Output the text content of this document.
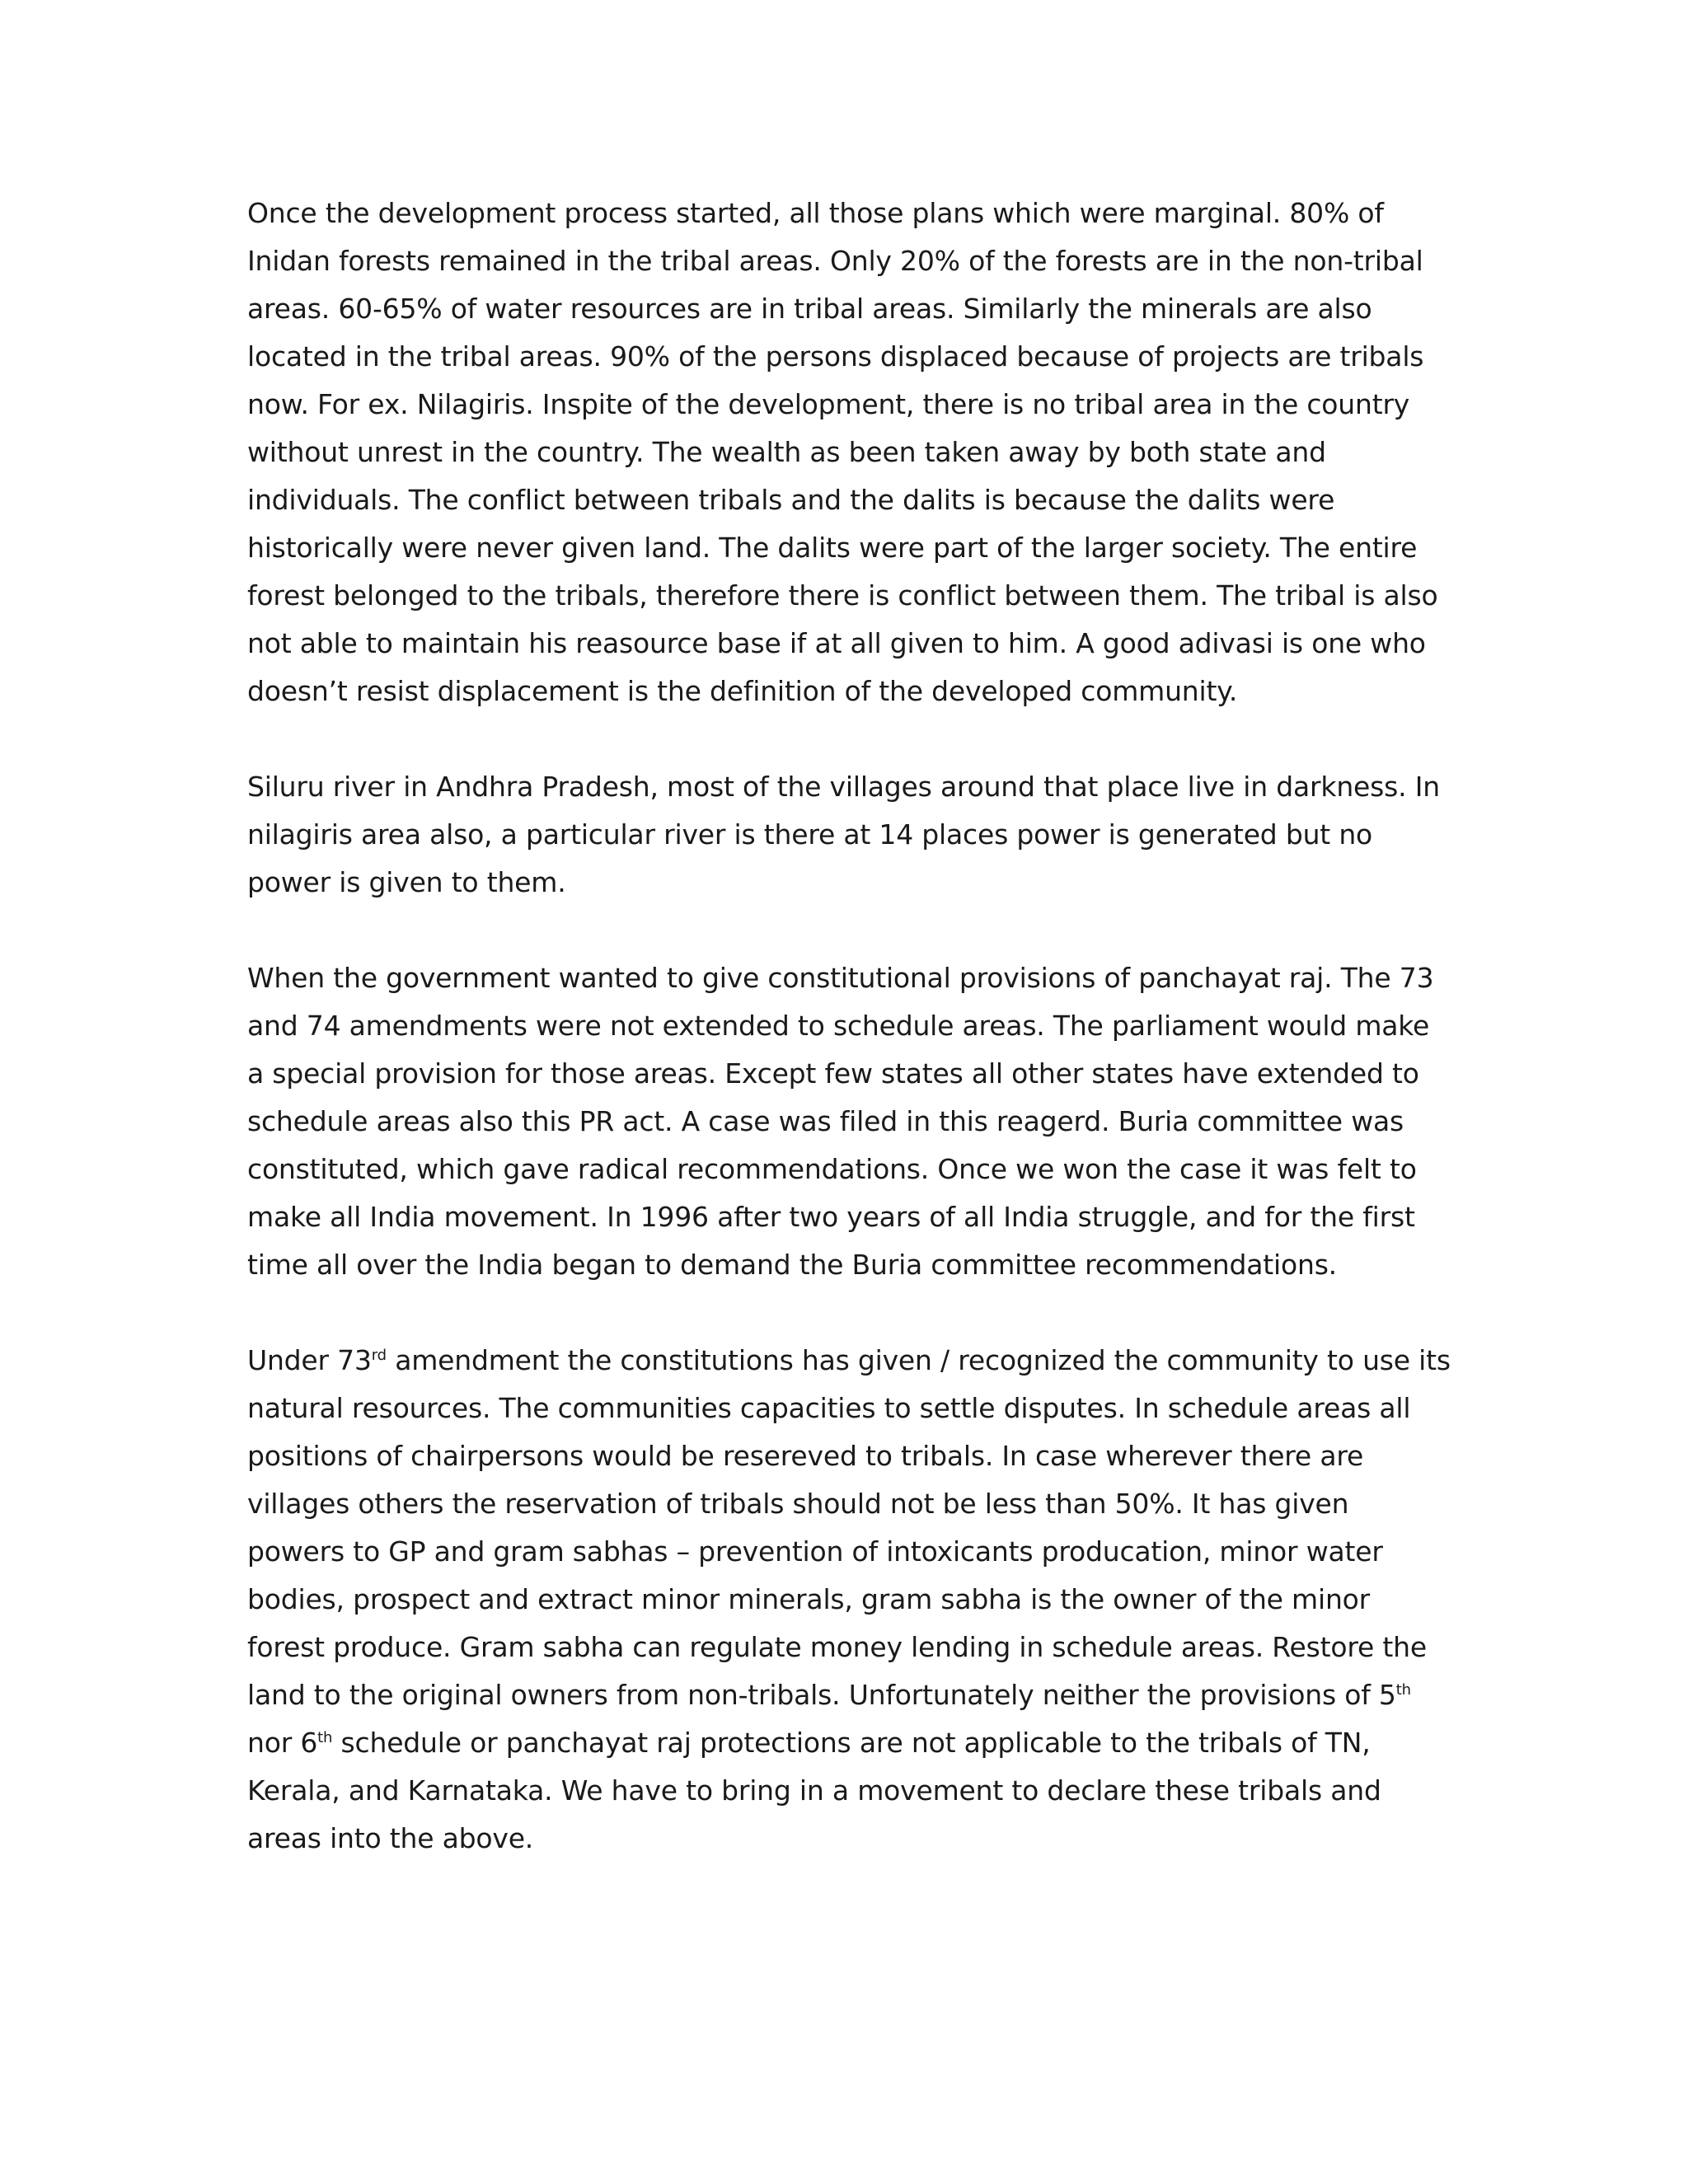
Once the development process started, all those plans which were marginal. 80% of Inidan forests remained in the tribal areas. Only 20% of the forests are in the non-tribal areas. 60-65% of water resources are in tribal areas. Similarly the minerals are also located in the tribal areas. 90% of the persons displaced because of projects are tribals now. For ex. Nilagiris. Inspite of the development, there is no tribal area in the country without unrest in the country. The wealth as been taken away by both state and individuals. The conflict between tribals and the dalits is because the dalits were historically were never given land. The dalits were part of the larger society. The entire forest belonged to the tribals, therefore there is conflict between them. The tribal is also not able to maintain his reasource base if at all given to him. A good adivasi is one who doesn’t resist displacement is the definition of the developed community.

Siluru river in Andhra Pradesh, most of the villages around that place live in darkness. In nilagiris area also, a particular river is there at 14 places power is generated but no power is given to them.

When the government wanted to give constitutional provisions of panchayat raj. The 73 and 74 amendments were not extended to schedule areas. The parliament would make a special provision for those areas. Except few states all other states have extended to schedule areas also this PR act. A case was filed in this reagerd. Buria committee was constituted, which gave radical recommendations. Once we won the case it was felt to make all India movement. In 1996 after two years of all India struggle, and for the first time all over the India began to demand the Buria committee recommendations.

Under 73rd amendment the constitutions has given / recognized the community to use its natural resources. The communities capacities to settle disputes. In schedule areas all positions of chairpersons would be resereved to tribals. In case wherever there are villages others the reservation of tribals should not be less than 50%. It has given powers to GP and gram sabhas – prevention of intoxicants producation, minor water bodies, prospect and extract minor minerals, gram sabha is the owner of the minor forest produce. Gram sabha can regulate money lending in schedule areas. Restore the land to the original owners from non-tribals. Unfortunately neither the provisions of 5th nor 6th schedule or panchayat raj protections are not applicable to the tribals of TN, Kerala, and Karnataka. We have to bring in a movement to declare these tribals and areas into the above.
